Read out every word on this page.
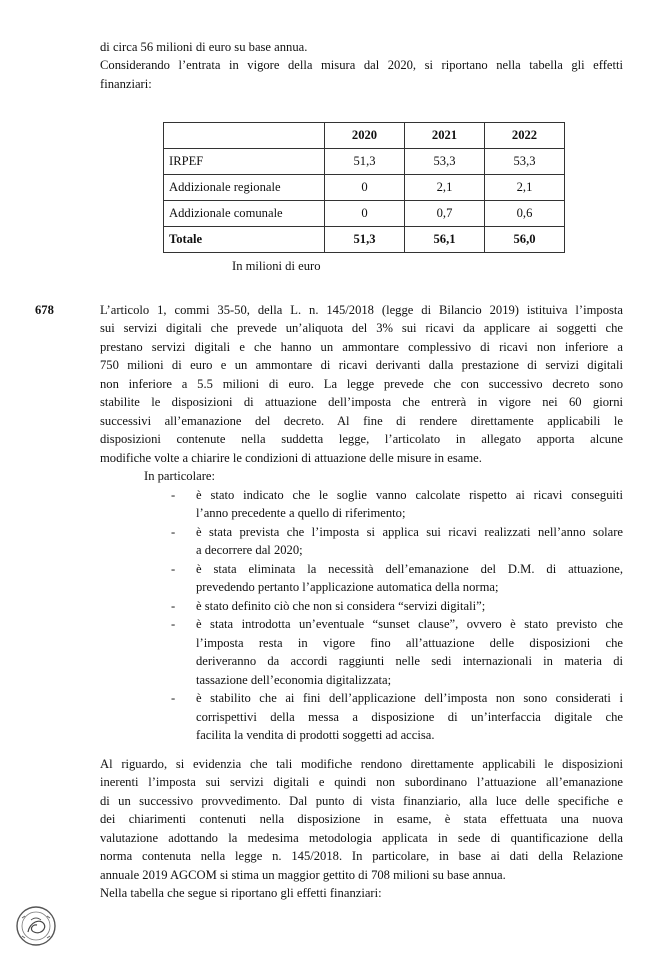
di circa 56 milioni di euro su base annua.
Considerando l’entrata in vigore della misura dal 2020, si riportano nella tabella gli effetti
finanziari:
	2020	2021	2022
IRPEF	51,3	53,3	53,3
Addizionale regionale	0	2,1	2,1
Addizionale comunale	0	0,7	0,6
Totale	51,3	56,1	56,0
In milioni di euro
678	L’articolo 1, commi 35-50, della L. n. 145/2018 (legge di Bilancio 2019) istituiva l’imposta
sui servizi digitali che prevede un’aliquota del 3% sui ricavi da applicare ai soggetti che
prestano servizi digitali e che hanno un ammontare complessivo di ricavi non inferiore a
750 milioni di euro e un ammontare di ricavi derivanti dalla prestazione di servizi digitali
non inferiore a 5.5 milioni di euro. La legge prevede che con successivo decreto sono
stabilite le disposizioni di attuazione dell’imposta che entrerà in vigore nei 60 giorni
successivi all’emanazione del decreto. Al fine di rendere direttamente applicabili le
disposizioni contenute nella suddetta legge, l’articolato in allegato apporta alcune
modifiche volte a chiarire le condizioni di attuazione delle misure in esame.
In particolare:
- è stato indicato che le soglie vanno calcolate rispetto ai ricavi conseguiti
l’anno precedente a quello di riferimento;
- è stata prevista che l’imposta si applica sui ricavi realizzati nell’anno solare
a decorrere dal 2020;
- è stata eliminata la necessità dell’emanazione del D.M. di attuazione,
prevedendo pertanto l’applicazione automatica della norma;
- è stato definito ciò che non si considera “servizi digitali”;
- è stata introdotta un’eventuale “sunset clause”, ovvero è stato previsto che
l’imposta resta in vigore fino all’attuazione delle disposizioni che
deriveranno da accordi raggiunti nelle sedi internazionali in materia di
tassazione dell’economia digitalizzata;
- è stabilito che ai fini dell’applicazione dell’imposta non sono considerati i
corrispettivi della messa a disposizione di un’interfaccia digitale che
facilita la vendita di prodotti soggetti ad accisa.
Al riguardo, si evidenzia che tali modifiche rendono direttamente applicabili le disposizioni
inerenti l’imposta sui servizi digitali e quindi non subordinano l’attuazione all’emanazione
di un successivo provvedimento. Dal punto di vista finanziario, alla luce delle specifiche e
dei chiarimenti contenuti nella disposizione in esame, è stata effettuata una nuova
valutazione adottando la medesima metodologia applicata in sede di quantificazione della
norma contenuta nella legge n. 145/2018. In particolare, in base ai dati della Relazione
annuale 2019 AGCOM si stima un maggior gettito di 708 milioni su base annua.
Nella tabella che segue si riportano gli effetti finanziari:
